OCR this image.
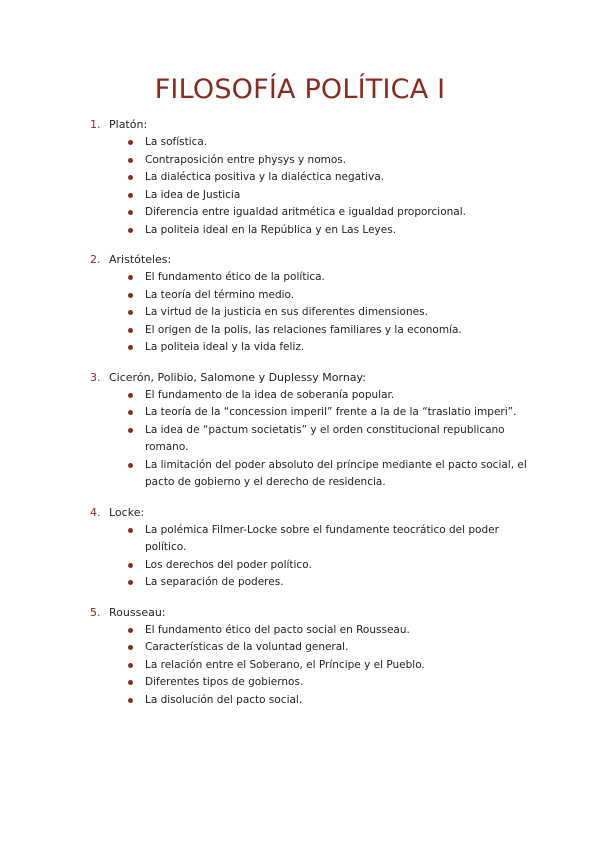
FILOSOFÍA POLÍTICA I
1. Platón:
La sofística.
Contraposición entre physys y nomos.
La dialéctica positiva y la dialéctica negativa.
La idea de Justicia
Diferencia entre igualdad aritmética e igualdad proporcional.
La politeia ideal en la República y en Las Leyes.
2. Aristóteles:
El fundamento ético de la política.
La teoría del término medio.
La virtud de la justicia en sus diferentes dimensiones.
El origen de la polis, las relaciones familiares y la economía.
La politeia ideal y la vida feliz.
3. Cicerón, Polibio, Salomone y Duplessy Mornay:
El fundamento de la idea de soberanía popular.
La teoría de la “concession imperil” frente a la de la “traslatio imperi”.
La idea de “pactum societatis” y el orden constitucional republicano romano.
La limitación del poder absoluto del príncipe mediante el pacto social, el pacto de gobierno y el derecho de residencia.
4. Locke:
La polémica Filmer-Locke sobre el fundamente teocrático del poder político.
Los derechos del poder político.
La separación de poderes.
5. Rousseau:
El fundamento ético del pacto social en Rousseau.
Características de la voluntad general.
La relación entre el Soberano, el Príncipe y el Pueblo.
Diferentes tipos de gobiernos.
La disolución del pacto social.
